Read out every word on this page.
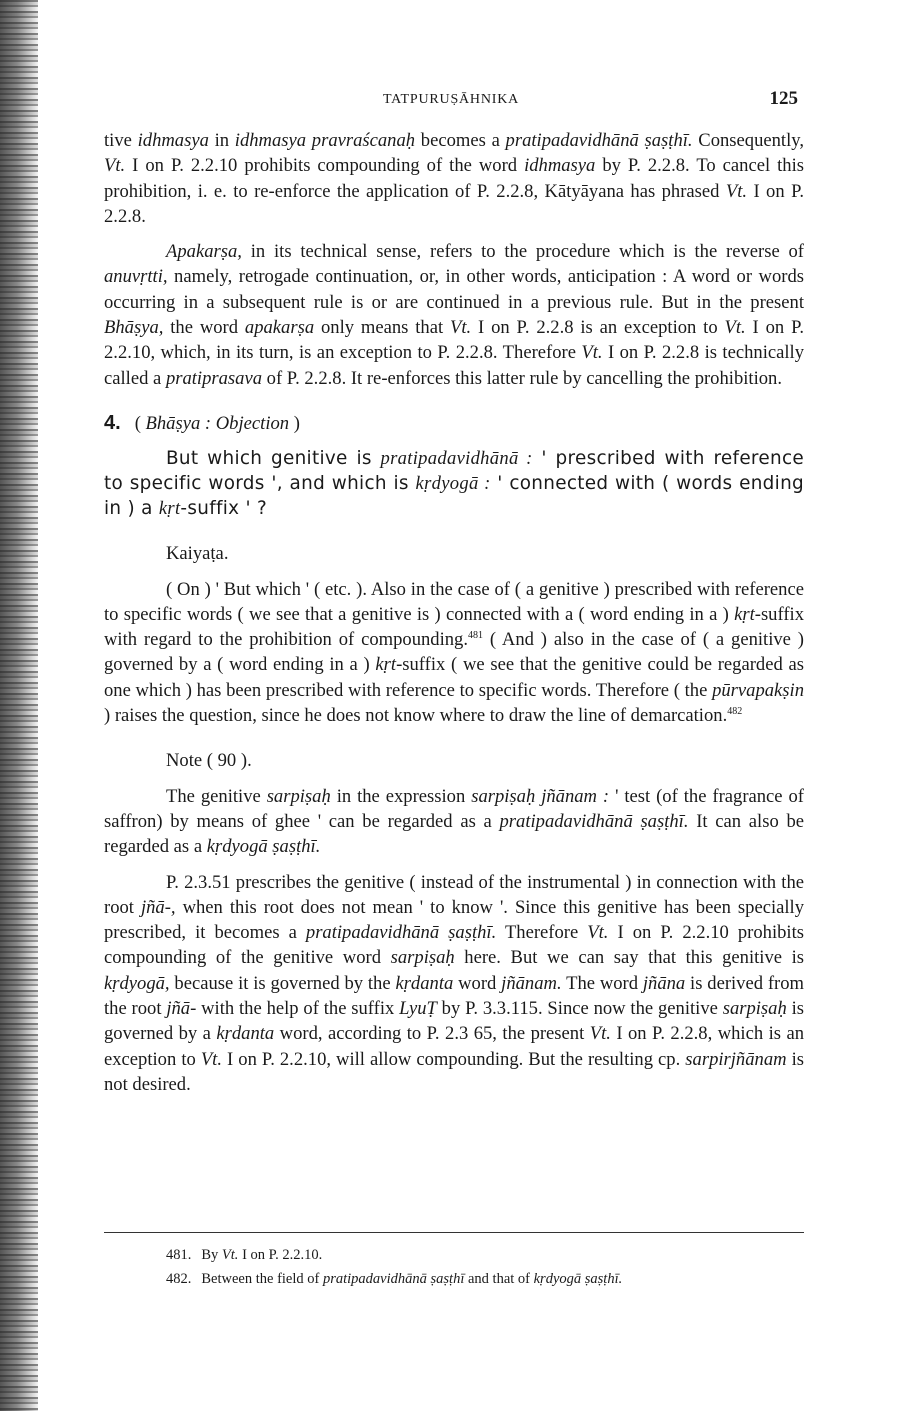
TATPURUṢĀHNIKA	125

tive idhmasya in idhmasya pravraścanaḥ becomes a pratipadavidhānā ṣaṣṭhī. Consequently, Vt. I on P. 2.2.10 prohibits compounding of the word idhmasya by P. 2.2.8. To cancel this prohibition, i. e. to re-enforce the application of P. 2.2.8, Kātyāyana has phrased Vt. I on P. 2.2.8.

Apakarṣa, in its technical sense, refers to the procedure which is the reverse of anuvṛtti, namely, retrogade continuation, or, in other words, anticipation : A word or words occurring in a subsequent rule is or are continued in a previous rule. But in the present Bhāṣya, the word apakarṣa only means that Vt. I on P. 2.2.8 is an exception to Vt. I on P. 2.2.10, which, in its turn, is an exception to P. 2.2.8. Therefore Vt. I on P. 2.2.8 is technically called a pratiprasava of P. 2.2.8. It re-enforces this latter rule by cancelling the prohibition.

4. ( Bhāṣya : Objection )

But which genitive is pratipadavidhānā : ' prescribed with reference to specific words ', and which is kṛdyogā : ' connected with ( words ending in ) a kṛt-suffix ' ?

Kaiyaṭa.

( On ) ' But which ' ( etc. ). Also in the case of ( a genitive ) prescribed with reference to specific words ( we see that a genitive is ) connected with a ( word ending in a ) kṛt-suffix with regard to the prohibition of compounding.$^{481}$ ( And ) also in the case of ( a genitive ) governed by a ( word ending in a ) kṛt-suffix ( we see that the genitive could be regarded as one which ) has been prescribed with reference to specific words. Therefore ( the pūrvapakṣin ) raises the question, since he does not know where to draw the line of demarcation.$^{482}$

Note ( 90 ).

The genitive sarpiṣaḥ in the expression sarpiṣaḥ jñānam : ' test (of the fragrance of saffron) by means of ghee ' can be regarded as a pratipadavidhānā ṣaṣṭhī. It can also be regarded as a kṛdyogā ṣaṣṭhī.

P. 2.3.51 prescribes the genitive ( instead of the instrumental ) in connection with the root jñā-, when this root does not mean ' to know '. Since this genitive has been specially prescribed, it becomes a pratipadavidhānā ṣaṣṭhī. Therefore Vt. I on P. 2.2.10 prohibits compounding of the genitive word sarpiṣaḥ here. But we can say that this genitive is kṛdyogā, because it is governed by the kṛdanta word jñānam. The word jñāna is derived from the root jñā- with the help of the suffix LyuṬ by P. 3.3.115. Since now the genitive sarpiṣaḥ is governed by a kṛdanta word, according to P. 2.3 65, the present Vt. I on P. 2.2.8, which is an exception to Vt. I on P. 2.2.10, will allow compounding. But the resulting cp. sarpirjñānam is not desired.

481. By Vt. I on P. 2.2.10.
482. Between the field of pratipadavidhānā ṣaṣṭhī and that of kṛdyogā ṣaṣṭhī.
